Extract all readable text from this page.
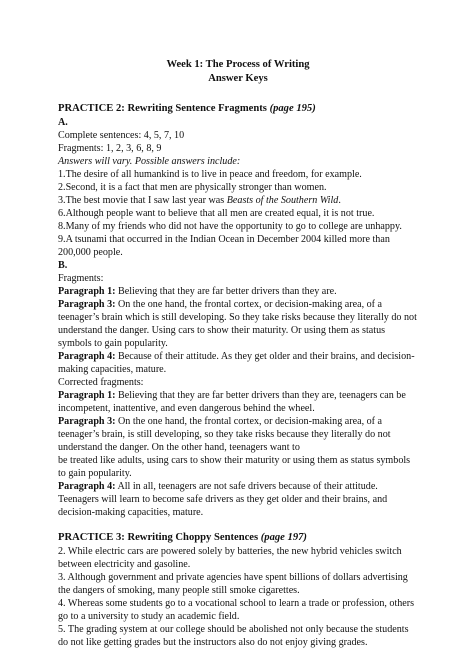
Week 1: The Process of Writing
Answer Keys
PRACTICE 2: Rewriting Sentence Fragments (page 195)
A.
Complete sentences: 4, 5, 7, 10
Fragments: 1, 2, 3, 6, 8, 9
Answers will vary. Possible answers include:
1.The desire of all humankind is to live in peace and freedom, for example.
2.Second, it is a fact that men are physically stronger than women.
3.The best movie that I saw last year was Beasts of the Southern Wild.
6.Although people want to believe that all men are created equal, it is not true.
8.Many of my friends who did not have the opportunity to go to college are unhappy.
9.A tsunami that occurred in the Indian Ocean in December 2004 killed more than 200,000 people.
B.
Fragments:
Paragraph 1: Believing that they are far better drivers than they are.
Paragraph 3: On the one hand, the frontal cortex, or decision-making area, of a teenager’s brain which is still developing. So they take risks because they literally do not understand the danger. Using cars to show their maturity. Or using them as status symbols to gain popularity.
Paragraph 4: Because of their attitude. As they get older and their brains, and decision-making capacities, mature.
Corrected fragments:
Paragraph 1: Believing that they are far better drivers than they are, teenagers can be incompetent, inattentive, and even dangerous behind the wheel.
Paragraph 3: On the one hand, the frontal cortex, or decision-making area, of a teenager’s brain, is still developing, so they take risks because they literally do not understand the danger. On the other hand, teenagers want to
be treated like adults, using cars to show their maturity or using them as status symbols to gain popularity.
Paragraph 4: All in all, teenagers are not safe drivers because of their attitude. Teenagers will learn to become safe drivers as they get older and their brains, and decision-making capacities, mature.
PRACTICE 3: Rewriting Choppy Sentences (page 197)
2. While electric cars are powered solely by batteries, the new hybrid vehicles switch between electricity and gasoline.
3. Although government and private agencies have spent billions of dollars advertising the dangers of smoking, many people still smoke cigarettes.
4. Whereas some students go to a vocational school to learn a trade or profession, others go to a university to study an academic field.
5. The grading system at our college should be abolished not only because the students do not like getting grades but the instructors also do not enjoy giving grades.
